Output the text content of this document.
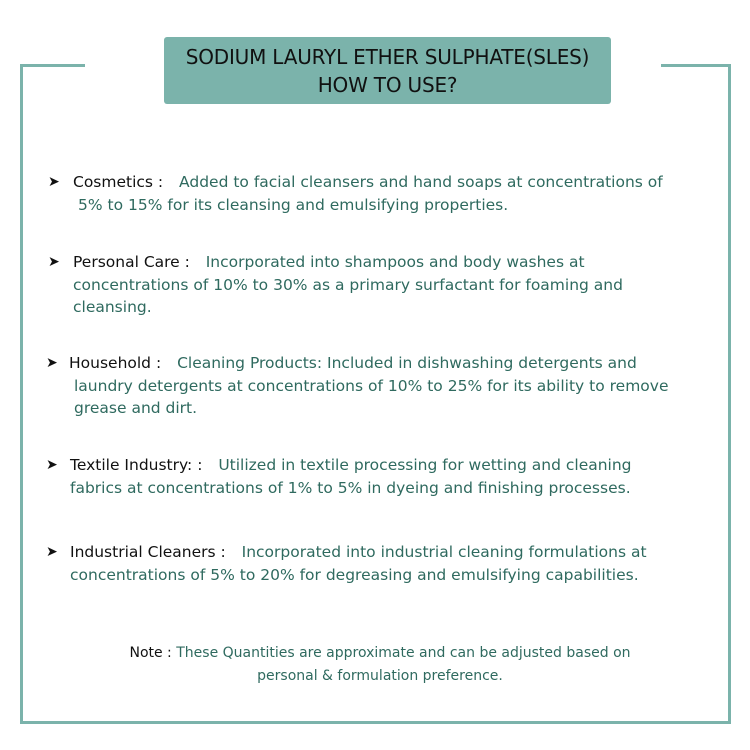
SODIUM LAURYL ETHER SULPHATE(SLES)
HOW TO USE?
➤ Cosmetics : Added to facial cleansers and hand soaps at concentrations of
5% to 15% for its cleansing and emulsifying properties.
➤ Personal Care : Incorporated into shampoos and body washes at
concentrations of 10% to 30% as a primary surfactant for foaming and
cleansing.
➤ Household : Cleaning Products: Included in dishwashing detergents and
laundry detergents at concentrations of 10% to 25% for its ability to remove
grease and dirt.
➤ Textile Industry: : Utilized in textile processing for wetting and cleaning
fabrics at concentrations of 1% to 5% in dyeing and finishing processes.
➤ Industrial Cleaners : Incorporated into industrial cleaning formulations at
concentrations of 5% to 20% for degreasing and emulsifying capabilities.
Note : These Quantities are approximate and can be adjusted based on
personal & formulation preference.
